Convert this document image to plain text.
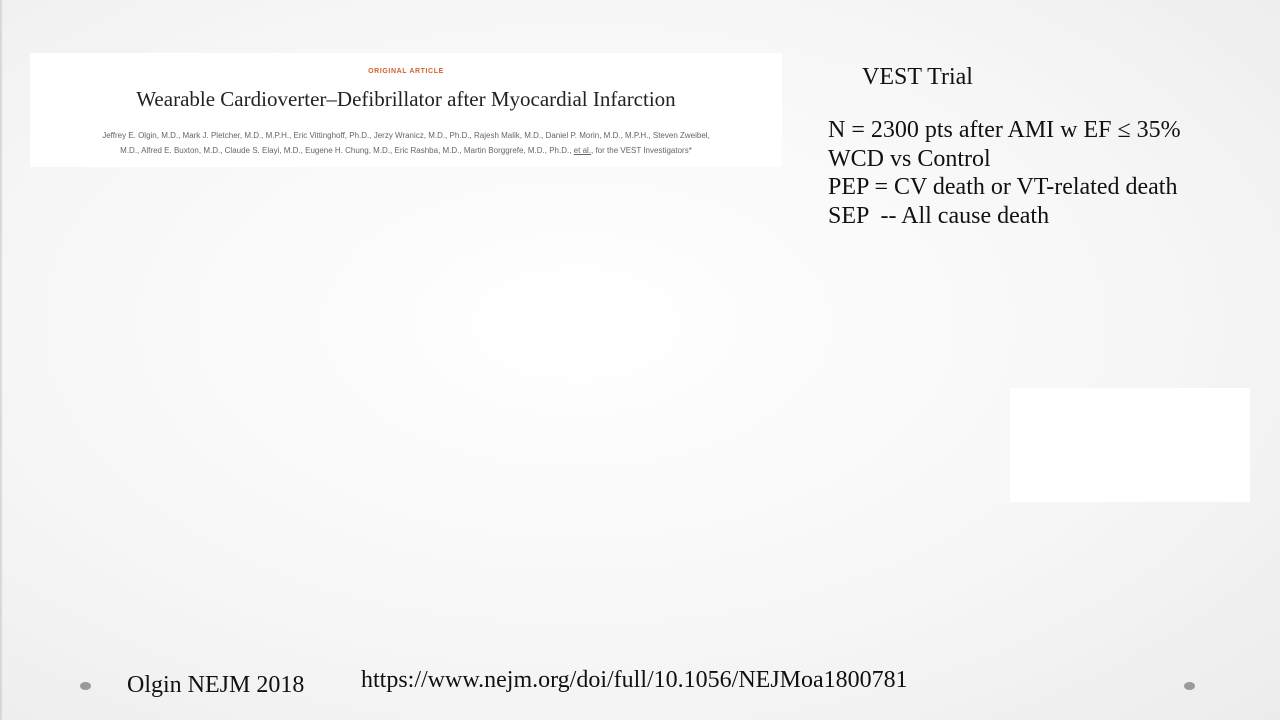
ORIGINAL ARTICLE
Wearable Cardioverter–Defibrillator after Myocardial Infarction
Jeffrey E. Olgin, M.D., Mark J. Pletcher, M.D., M.P.H., Eric Vittinghoff, Ph.D., Jerzy Wranicz, M.D., Ph.D., Rajesh Malik, M.D., Daniel P. Morin, M.D., M.P.H., Steven Zweibel,
M.D., Alfred E. Buxton, M.D., Claude S. Elayi, M.D., Eugene H. Chung, M.D., Eric Rashba, M.D., Martin Borggrefe, M.D., Ph.D., et al., for the VEST Investigators*
VEST Trial
N = 2300 pts after AMI w EF ≤ 35%
WCD vs Control
PEP = CV death or VT-related death
SEP  -- All cause death
Olgin NEJM 2018 https://www.nejm.org/doi/full/10.1056/NEJMoa1800781
